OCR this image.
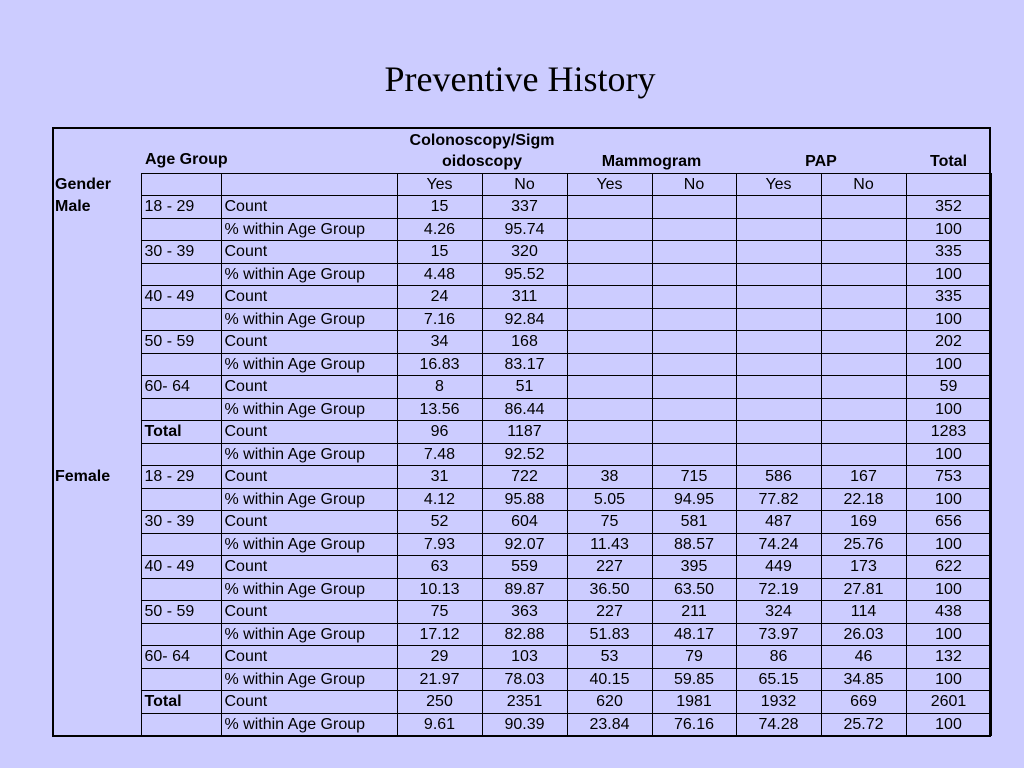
Preventive History
	Age Group		Colonoscopy/Sigm
oidoscopy		Mammogram		PAP		Total
Gender			Yes	No	Yes	No	Yes	No	
Male	18 - 29	Count	15	337					352
		% within Age Group	4.26	95.74					100
	30 - 39	Count	15	320					335
		% within Age Group	4.48	95.52					100
	40 - 49	Count	24	311					335
		% within Age Group	7.16	92.84					100
	50 - 59	Count	34	168					202
		% within Age Group	16.83	83.17					100
	60- 64	Count	8	51					59
		% within Age Group	13.56	86.44					100
	Total	Count	96	1187					1283
		% within Age Group	7.48	92.52					100
Female	18 - 29	Count	31	722	38	715	586	167	753
		% within Age Group	4.12	95.88	5.05	94.95	77.82	22.18	100
	30 - 39	Count	52	604	75	581	487	169	656
		% within Age Group	7.93	92.07	11.43	88.57	74.24	25.76	100
	40 - 49	Count	63	559	227	395	449	173	622
		% within Age Group	10.13	89.87	36.50	63.50	72.19	27.81	100
	50 - 59	Count	75	363	227	211	324	114	438
		% within Age Group	17.12	82.88	51.83	48.17	73.97	26.03	100
	60- 64	Count	29	103	53	79	86	46	132
		% within Age Group	21.97	78.03	40.15	59.85	65.15	34.85	100
	Total	Count	250	2351	620	1981	1932	669	2601
		% within Age Group	9.61	90.39	23.84	76.16	74.28	25.72	100
